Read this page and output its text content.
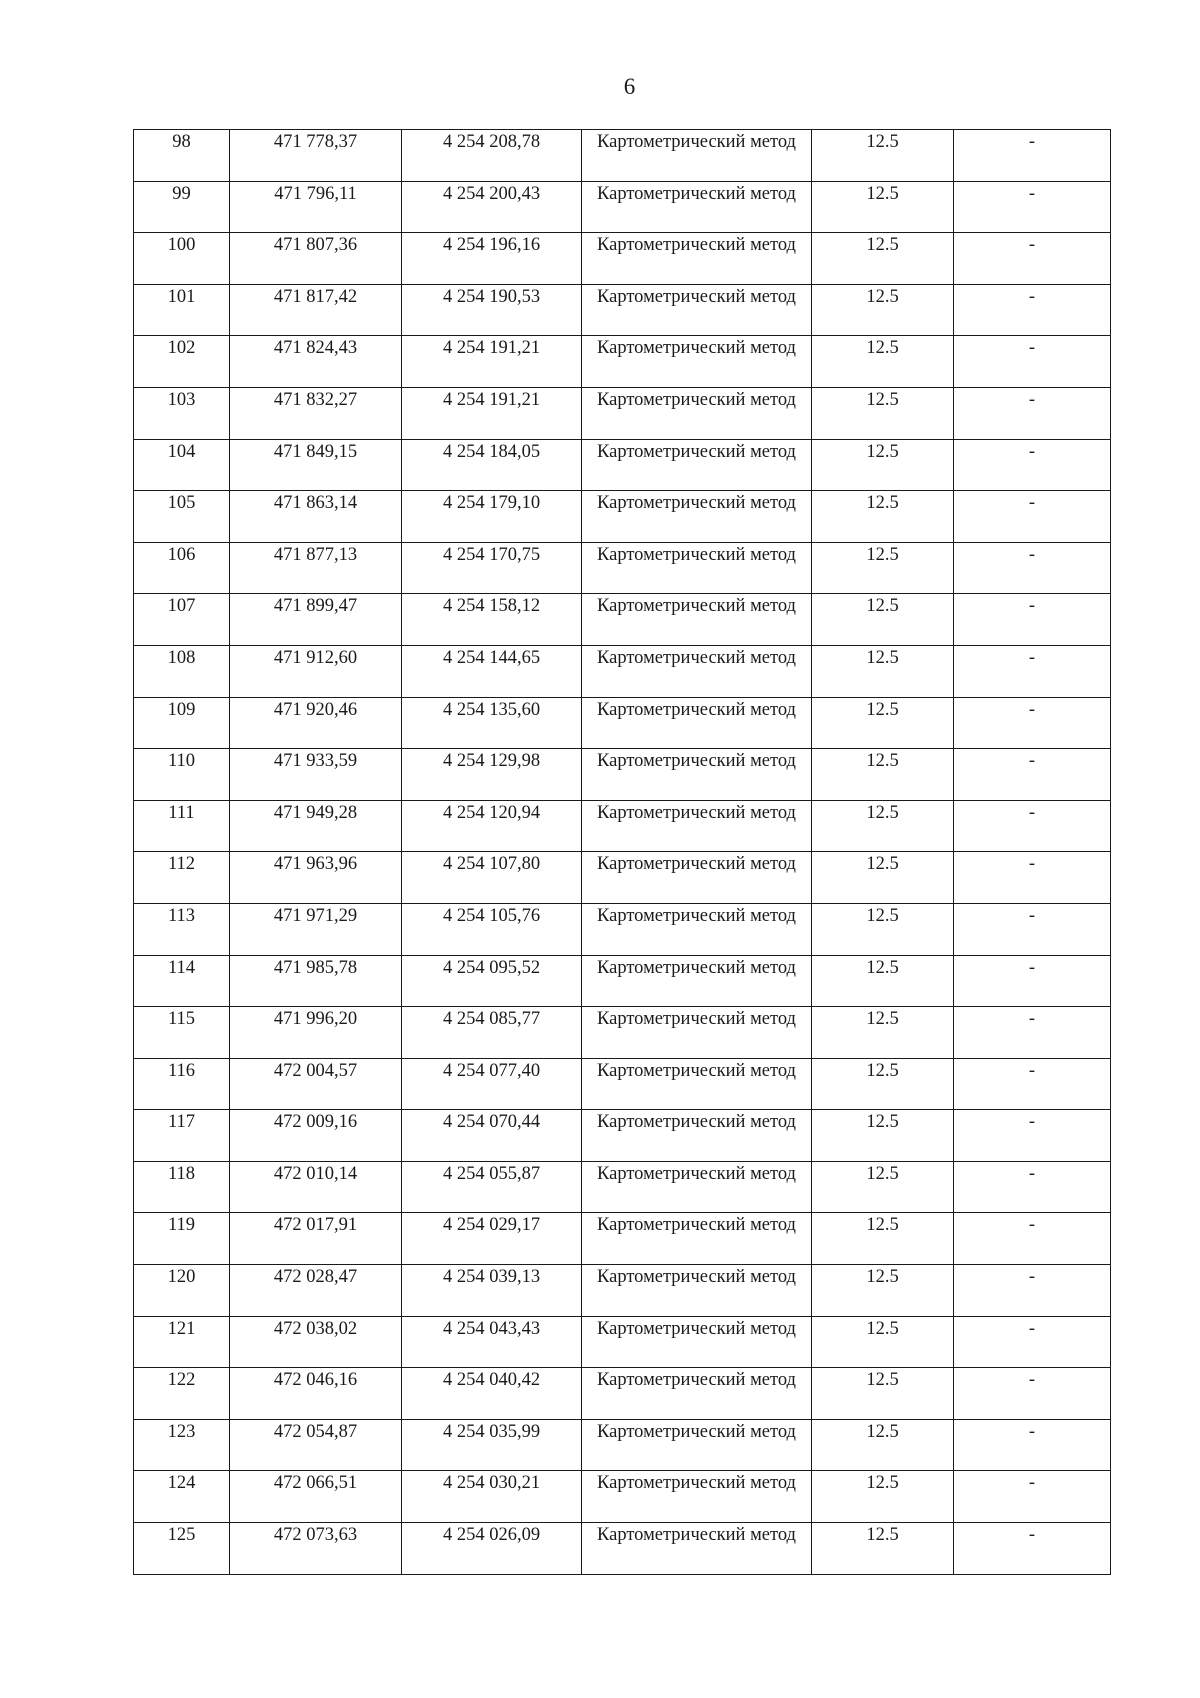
6
98	471 778,37	4 254 208,78	Картометрический метод	12.5	-
99	471 796,11	4 254 200,43	Картометрический метод	12.5	-
100	471 807,36	4 254 196,16	Картометрический метод	12.5	-
101	471 817,42	4 254 190,53	Картометрический метод	12.5	-
102	471 824,43	4 254 191,21	Картометрический метод	12.5	-
103	471 832,27	4 254 191,21	Картометрический метод	12.5	-
104	471 849,15	4 254 184,05	Картометрический метод	12.5	-
105	471 863,14	4 254 179,10	Картометрический метод	12.5	-
106	471 877,13	4 254 170,75	Картометрический метод	12.5	-
107	471 899,47	4 254 158,12	Картометрический метод	12.5	-
108	471 912,60	4 254 144,65	Картометрический метод	12.5	-
109	471 920,46	4 254 135,60	Картометрический метод	12.5	-
110	471 933,59	4 254 129,98	Картометрический метод	12.5	-
111	471 949,28	4 254 120,94	Картометрический метод	12.5	-
112	471 963,96	4 254 107,80	Картометрический метод	12.5	-
113	471 971,29	4 254 105,76	Картометрический метод	12.5	-
114	471 985,78	4 254 095,52	Картометрический метод	12.5	-
115	471 996,20	4 254 085,77	Картометрический метод	12.5	-
116	472 004,57	4 254 077,40	Картометрический метод	12.5	-
117	472 009,16	4 254 070,44	Картометрический метод	12.5	-
118	472 010,14	4 254 055,87	Картометрический метод	12.5	-
119	472 017,91	4 254 029,17	Картометрический метод	12.5	-
120	472 028,47	4 254 039,13	Картометрический метод	12.5	-
121	472 038,02	4 254 043,43	Картометрический метод	12.5	-
122	472 046,16	4 254 040,42	Картометрический метод	12.5	-
123	472 054,87	4 254 035,99	Картометрический метод	12.5	-
124	472 066,51	4 254 030,21	Картометрический метод	12.5	-
125	472 073,63	4 254 026,09	Картометрический метод	12.5	-
